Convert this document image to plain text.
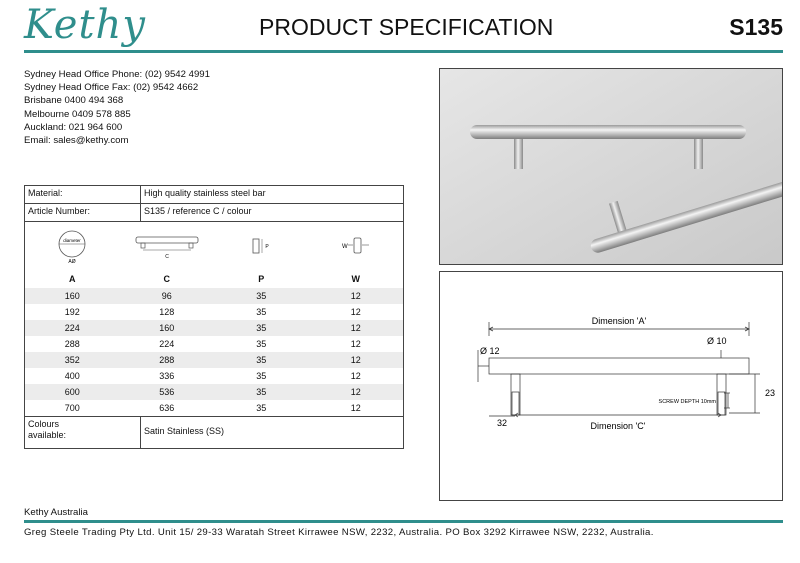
Kethy	PRODUCT SPECIFICATION	S135
Sydney Head Office Phone: (02) 9542 4991
Sydney Head Office Fax: (02) 9542 4662
Brisbane 0400 494 368
Melbourne 0409 578 885
Auckland: 021 964 600
Email: sales@kethy.com
Material:	High quality stainless steel bar
Article Number:	S135 / reference C / colour
diameter
AØ
C
P	W
A	C	P	W
160	96	35	12
192	128	35	12
224	160	35	12
288	224	35	12
352	288	35	12
400	336	35	12
600	536	35	12
700	636	35	12
Colours
available:	Satin Stainless (SS)
Dimension 'A'
Ø 12
Ø 10
23
SCREW DEPTH 10mm
32	Dimension 'C'
Kethy Australia
Greg Steele Trading Pty Ltd. Unit 15/ 29-33 Waratah Street Kirrawee NSW, 2232, Australia. PO Box 3292 Kirrawee NSW, 2232, Australia.
